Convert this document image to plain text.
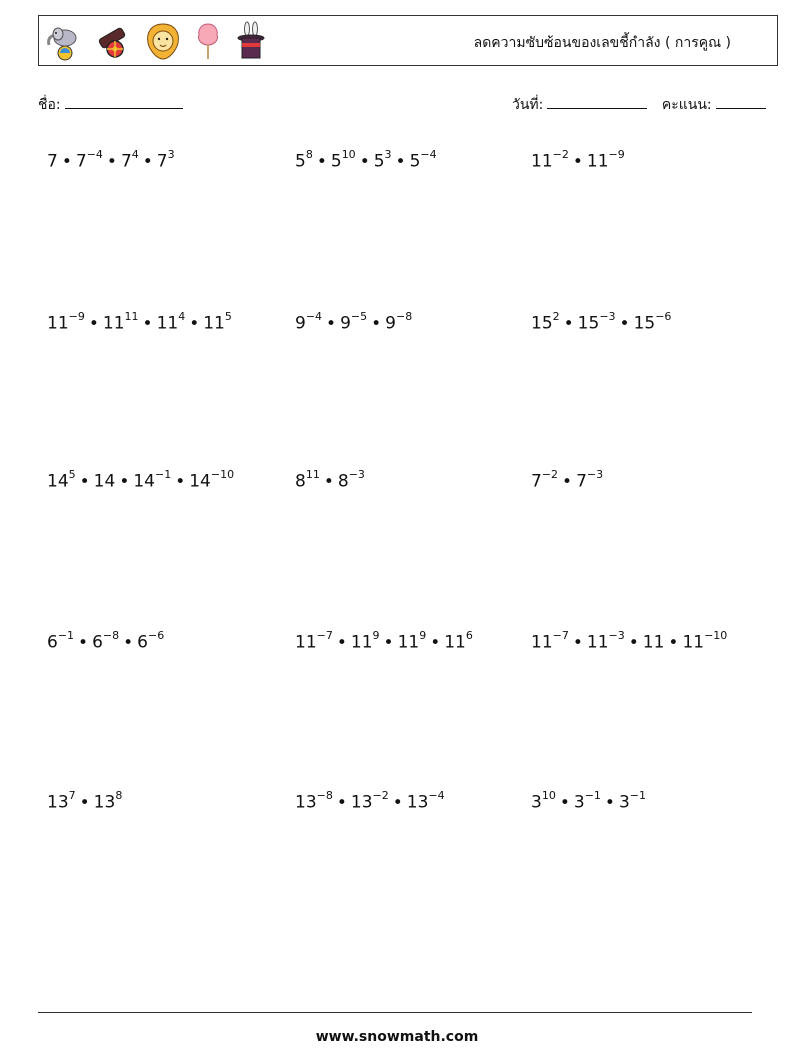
ลดความซับซ้อนของเลขชี้กำลัง ( การคูณ )
ชื่อ:	วันที่:	คะแนน:
7 • $7^{-4}$ • $7^4$ • $7^3$	$5^8$ • $5^{10}$ • $5^3$ • $5^{-4}$	$11^{-2}$ • $11^{-9}$
$11^{-9}$ • $11^{11}$ • $11^4$ • $11^5$	$9^{-4}$ • $9^{-5}$ • $9^{-8}$	$15^2$ • $15^{-3}$ • $15^{-6}$
$14^5$ • 14 • $14^{-1}$ • $14^{-10}$	$8^{11}$ • $8^{-3}$	$7^{-2}$ • $7^{-3}$
$6^{-1}$ • $6^{-8}$ • $6^{-6}$	$11^{-7}$ • $11^9$ • $11^9$ • $11^6$	$11^{-7}$ • $11^{-3}$ • 11 • $11^{-10}$
$13^7$ • $13^8$	$13^{-8}$ • $13^{-2}$ • $13^{-4}$	$3^{10}$ • $3^{-1}$ • $3^{-1}$
www.snowmath.com
